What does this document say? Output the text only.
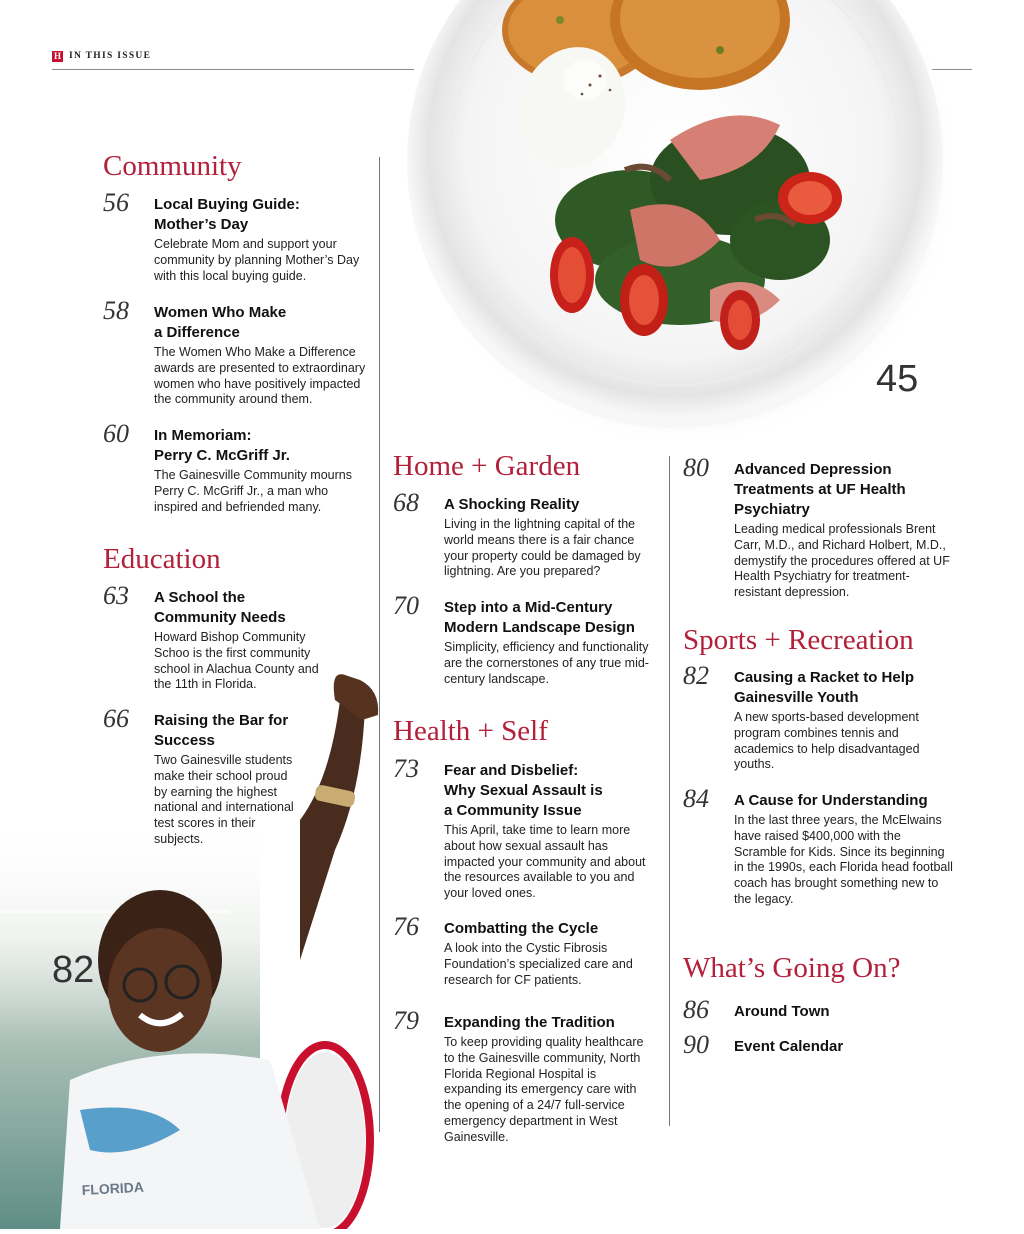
H IN THIS ISSUE
FLORIDA
45
82
Community
56 Local Buying Guide:
Mother’s Day
Celebrate Mom and support your community by planning Mother’s Day with this local buying guide.
58 Women Who Make
a Difference
The Women Who Make a Difference awards are presented to extraordinary women who have positively impacted the community around them.
60 In Memoriam:
Perry C. McGriff Jr.
The Gainesville Community mourns Perry C. McGriff Jr., a man who inspired and befriended many.
Education
63 A School the
Community Needs
Howard Bishop Community Schoo is the first community school in Alachua County and the 11th in Florida.
66 Raising the Bar for
Success
Two Gainesville students make their school proud by earning the highest national and international test scores in their subjects.
Home + Garden
68 A Shocking Reality
Living in the lightning capital of the world means there is a fair chance your property could be damaged by lightning. Are you prepared?
70 Step into a Mid-Century
Modern Landscape Design
Simplicity, efficiency and functionality are the cornerstones of any true mid-century landscape.
Health + Self
73 Fear and Disbelief:
Why Sexual Assault is
a Community Issue
This April, take time to learn more about how sexual assault has impacted your community and about the resources available to you and your loved ones.
76 Combatting the Cycle
A look into the Cystic Fibrosis Foundation’s specialized care and research for CF patients.
79 Expanding the Tradition
To keep providing quality healthcare to the Gainesville community, North Florida Regional Hospital is expanding its emergency care with the opening of a 24/7 full-service emergency department in West Gainesville.
80 Advanced Depression
Treatments at UF Health
Psychiatry
Leading medical professionals Brent Carr, M.D., and Richard Holbert, M.D., demystify the procedures offered at UF Health Psychiatry for treatment-resistant depression.
Sports + Recreation
82 Causing a Racket to Help
Gainesville Youth
A new sports-based development program combines tennis and academics to help disadvantaged youths.
84 A Cause for Understanding
In the last three years, the McElwains have raised $400,000 with the Scramble for Kids. Since its beginning in the 1990s, each Florida head football coach has brought something new to the legacy.
What’s Going On?
86 Around Town
90 Event Calendar
